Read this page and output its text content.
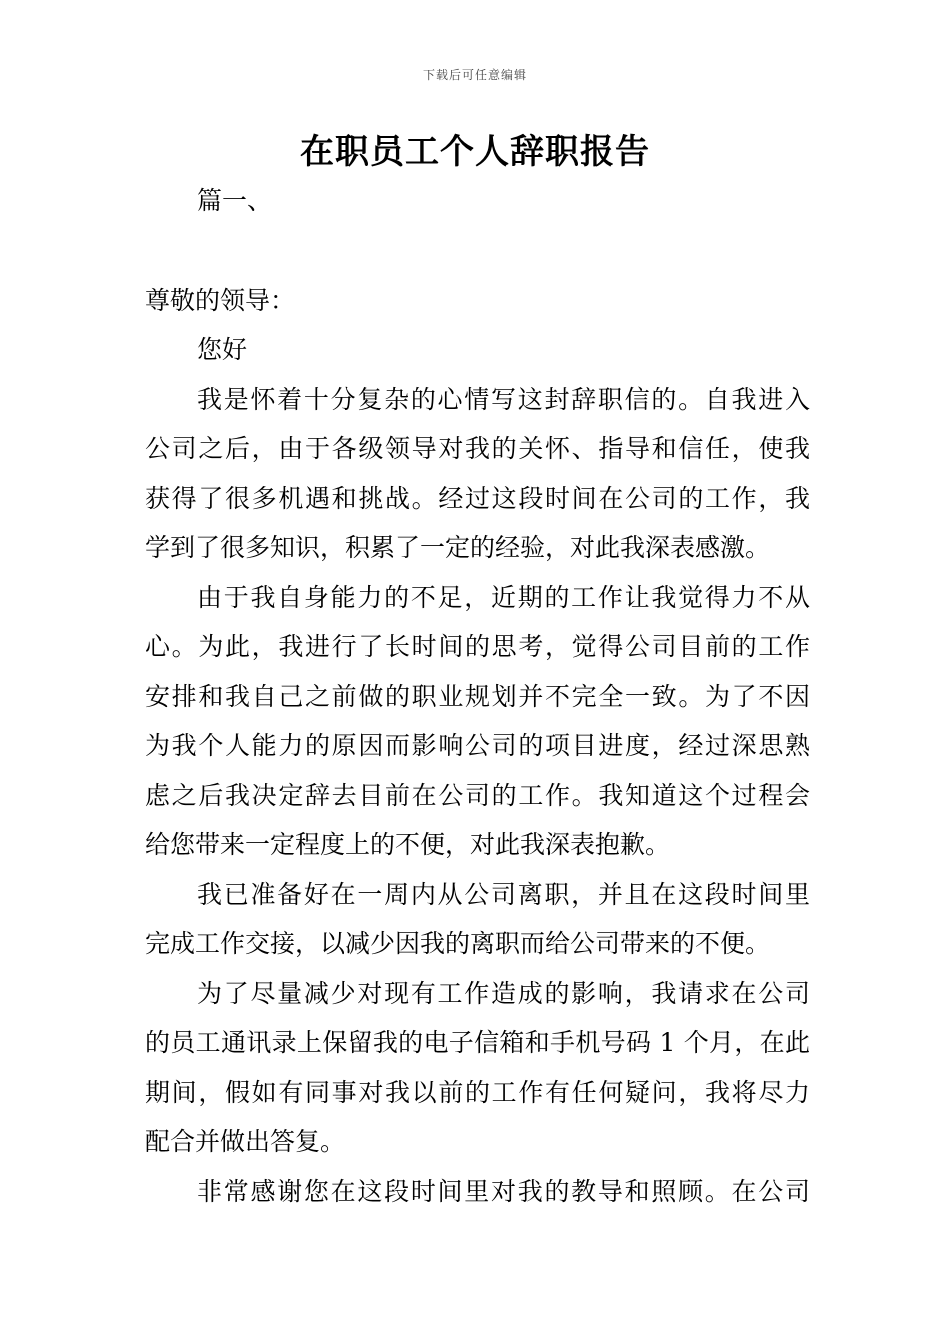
下载后可任意编辑
在职员工个人辞职报告
篇一、
尊敬的领导：
您好
我是怀着十分复杂的心情写这封辞职信的。自我进入
公司之后，由于各级领导对我的关怀、指导和信任，使我
获得了很多机遇和挑战。经过这段时间在公司的工作，我
学到了很多知识，积累了一定的经验，对此我深表感激。
由于我自身能力的不足，近期的工作让我觉得力不从
心。为此，我进行了长时间的思考，觉得公司目前的工作
安排和我自己之前做的职业规划并不完全一致。为了不因
为我个人能力的原因而影响公司的项目进度，经过深思熟
虑之后我决定辞去目前在公司的工作。我知道这个过程会
给您带来一定程度上的不便，对此我深表抱歉。
我已准备好在一周内从公司离职，并且在这段时间里
完成工作交接，以减少因我的离职而给公司带来的不便。
为了尽量减少对现有工作造成的影响，我请求在公司
的员工通讯录上保留我的电子信箱和手机号码 1 个月，在此
期间，假如有同事对我以前的工作有任何疑问，我将尽力
配合并做出答复。
非常感谢您在这段时间里对我的教导和照顾。在公司
